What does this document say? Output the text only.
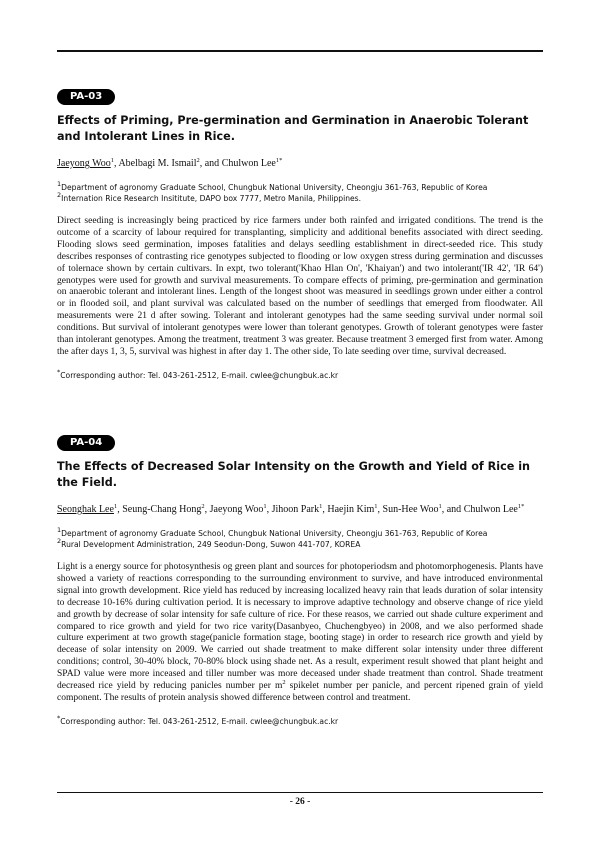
PA-03
Effects of Priming, Pre-germination and Germination in Anaerobic Tolerant and Intolerant Lines in Rice.

Jaeyong Woo$^1$, Abelbagi M. Ismail$^2$, and Chulwon Lee$^{1*}$

$^1$Department of agronomy Graduate School, Chungbuk National University, Cheongju 361-763, Republic of Korea
$^2$Internation Rice Research Insititute, DAPO box 7777, Metro Manila, Philippines.

Direct seeding is increasingly being practiced by rice farmers under both rainfed and irrigated conditions. The trend is the outcome of a scarcity of labour required for transplanting, simplicity and additional benefits associated with direct seeding. Flooding slows seed germination, imposes fatalities and delays seedling establishment in direct-seeded rice. This study describes responses of contrasting rice genotypes subjected to flooding or low oxygen stress during germination and discusses of tolernace shown by certain cultivars. In expt, two tolerant('Khao Hlan On', 'Khaiyan') and two intolerant('IR 42', 'IR 64') genotypes were used for growth and survival measurements. To compare effects of priming, pre-germination and germination on anaerobic tolerant and intolerant lines. Length of the longest shoot was measured in seedlings grown under either a control or in flooded soil, and plant survival was calculated based on the number of seedlings that emerged from floodwater. All measurements were 21 d after sowing. Tolerant and intolerant genotypes had the same seeding survival under normal soil conditions. But survival of intolerant genotypes were lower than tolerant genotypes. Growth of tolerant genotypes were faster than intolerant genotypes. Among the treatment, treatment 3 was greater. Because treatment 3 emerged first from water. Among the after days 1, 3, 5, survival was highest in after day 1. The other side, To late seeding over time, survival decreased.

*Corresponding author: Tel. 043-261-2512, E-mail. cwlee@chungbuk.ac.kr

PA-04
The Effects of Decreased Solar Intensity on the Growth and Yield of Rice in the Field.

Seonghak Lee$^1$, Seung-Chang Hong$^2$, Jaeyong Woo$^1$, Jihoon Park$^1$, Haejin Kim$^1$, Sun-Hee Woo$^1$, and Chulwon Lee$^{1*}$

$^1$Department of agronomy Graduate School, Chungbuk National University, Cheongju 361-763, Republic of Korea
$^2$Rural Development Administration, 249 Seodun-Dong, Suwon 441-707, KOREA

Light is a energy source for photosynthesis og green plant and sources for photoperiodsm and photomorphogenesis. Plants have showed a variety of reactions corresponding to the surrounding environment to survive, and have introduced environmental signal into growth development. Rice yield has reduced by increasing localized heavy rain that leads duration of solar intensity to decrease 10-16% during cultivation period. It is necessary to improve adaptive technology and observe change of rice yield and growth by decrease of solar intensity for safe culture of rice. For these reasos, we carried out shade culture experiment and compared to rice growth and yield for two rice varity(Dasanbyeo, Chuchengbyeo) in 2008, and we also performed shade culture experiment at two growth stage(panicle formation stage, booting stage) in order to research rice growth and yield by decease of solar intensity on 2009. We carried out shade treatment to make different solar intensity under three different conditions; control, 30-40% block, 70-80% block using shade net. As a result, experiment result showed that plant height and SPAD value were more inceased and tiller number was more deceased under shade treatment than control. Shade treatment decreased rice yield by reducing panicles number per $m^2$ spikelet number per panicle, and percent ripened grain of yield component. The results of protein analysis showed difference between control and treatment.

*Corresponding author: Tel. 043-261-2512, E-mail. cwlee@chungbuk.ac.kr

- 26 -
